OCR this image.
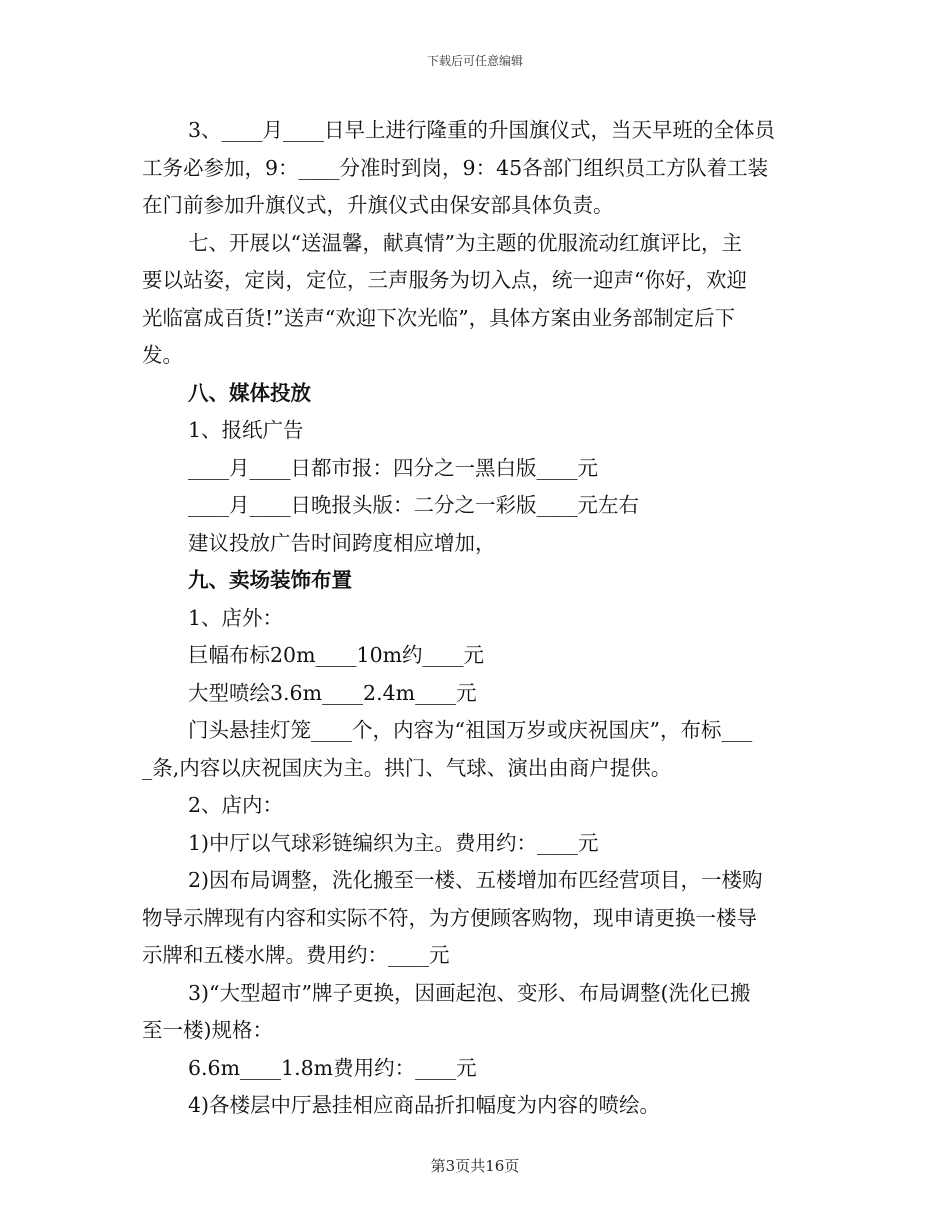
下载后可任意编辑
3、____月____日早上进行隆重的升国旗仪式，当天早班的全体员
工务必参加，9：____分准时到岗，9：45各部门组织员工方队着工装
在门前参加升旗仪式，升旗仪式由保安部具体负责。
七、开展以“送温馨，献真情”为主题的优服流动红旗评比，主
要以站姿，定岗，定位，三声服务为切入点，统一迎声“你好，欢迎
光临富成百货!”送声“欢迎下次光临”，具体方案由业务部制定后下
发。
八、媒体投放
1、报纸广告
____月____日都市报：四分之一黑白版____元
____月____日晚报头版：二分之一彩版____元左右
建议投放广告时间跨度相应增加，
九、卖场装饰布置
1、店外：
巨幅布标20m____10m约____元
大型喷绘3.6m____2.4m____元
门头悬挂灯笼____个，内容为“祖国万岁或庆祝国庆”，布标___
_条,内容以庆祝国庆为主。拱门、气球、演出由商户提供。
2、店内：
1)中厅以气球彩链编织为主。费用约：____元
2)因布局调整，洗化搬至一楼、五楼增加布匹经营项目，一楼购
物导示牌现有内容和实际不符，为方便顾客购物，现申请更换一楼导
示牌和五楼水牌。费用约：____元
3)“大型超市”牌子更换，因画起泡、变形、布局调整(洗化已搬
至一楼)规格：
6.6m____1.8m费用约：____元
4)各楼层中厅悬挂相应商品折扣幅度为内容的喷绘。
第3页共16页
